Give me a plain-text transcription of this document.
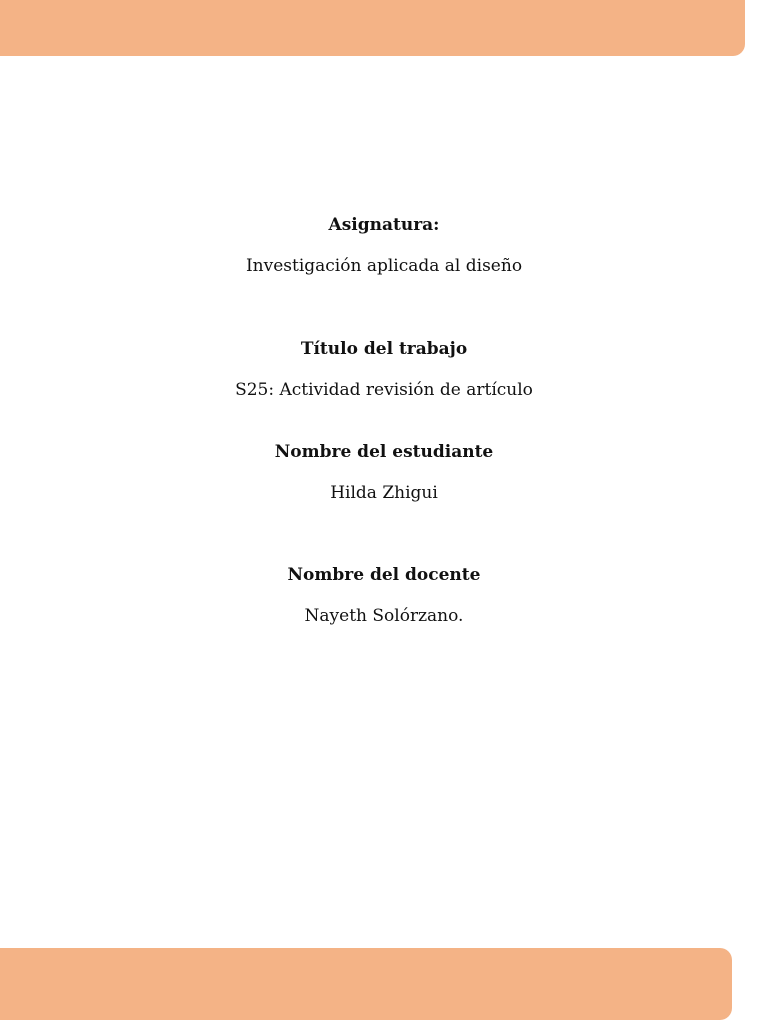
Asignatura:
Investigación aplicada al diseño
Título del trabajo
S25: Actividad revisión de artículo
Nombre del estudiante
Hilda Zhigui
Nombre del docente
Nayeth Solórzano.
